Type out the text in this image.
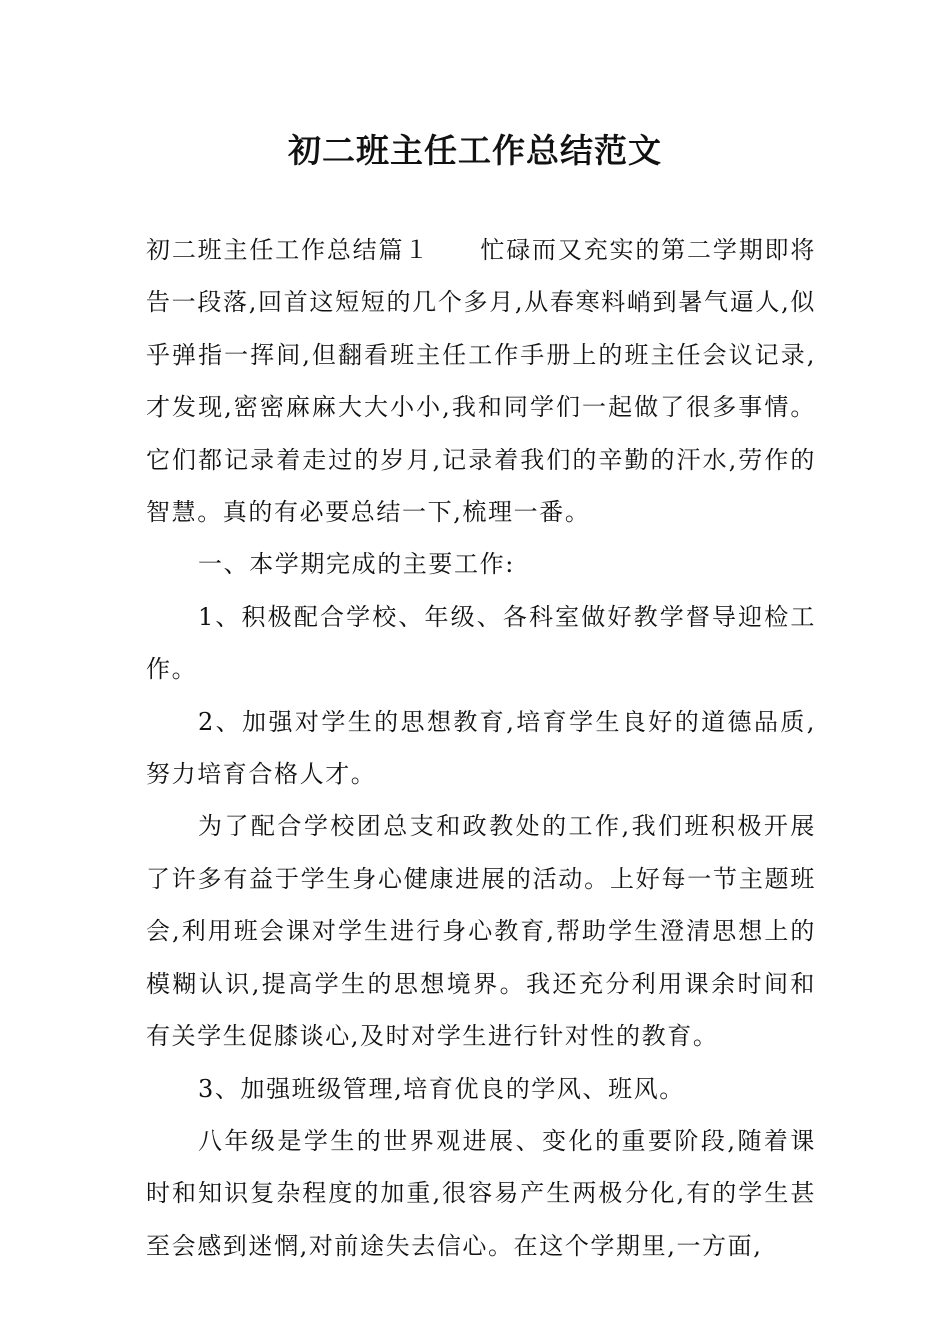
初二班主任工作总结范文

初二班主任工作总结篇１ 忙碌而又充实的第二学期即将告一段落,回首这短短的几个多月,从春寒料峭到暑气逼人,似乎弹指一挥间,但翻看班主任工作手册上的班主任会议记录,才发现,密密麻麻大大小小,我和同学们一起做了很多事情。它们都记录着走过的岁月,记录着我们的辛勤的汗水,劳作的智慧。真的有必要总结一下,梳理一番。

一、本学期完成的主要工作:

1、积极配合学校、年级、各科室做好教学督导迎检工作。

2、加强对学生的思想教育,培育学生良好的道德品质,努力培育合格人才。

为了配合学校团总支和政教处的工作,我们班积极开展了许多有益于学生身心健康进展的活动。上好每一节主题班会,利用班会课对学生进行身心教育,帮助学生澄清思想上的模糊认识,提高学生的思想境界。我还充分利用课余时间和有关学生促膝谈心,及时对学生进行针对性的教育。

3、加强班级管理,培育优良的学风、班风。

八年级是学生的世界观进展、变化的重要阶段,随着课时和知识复杂程度的加重,很容易产生两极分化,有的学生甚至会感到迷惘,对前途失去信心。在这个学期里,一方面,
